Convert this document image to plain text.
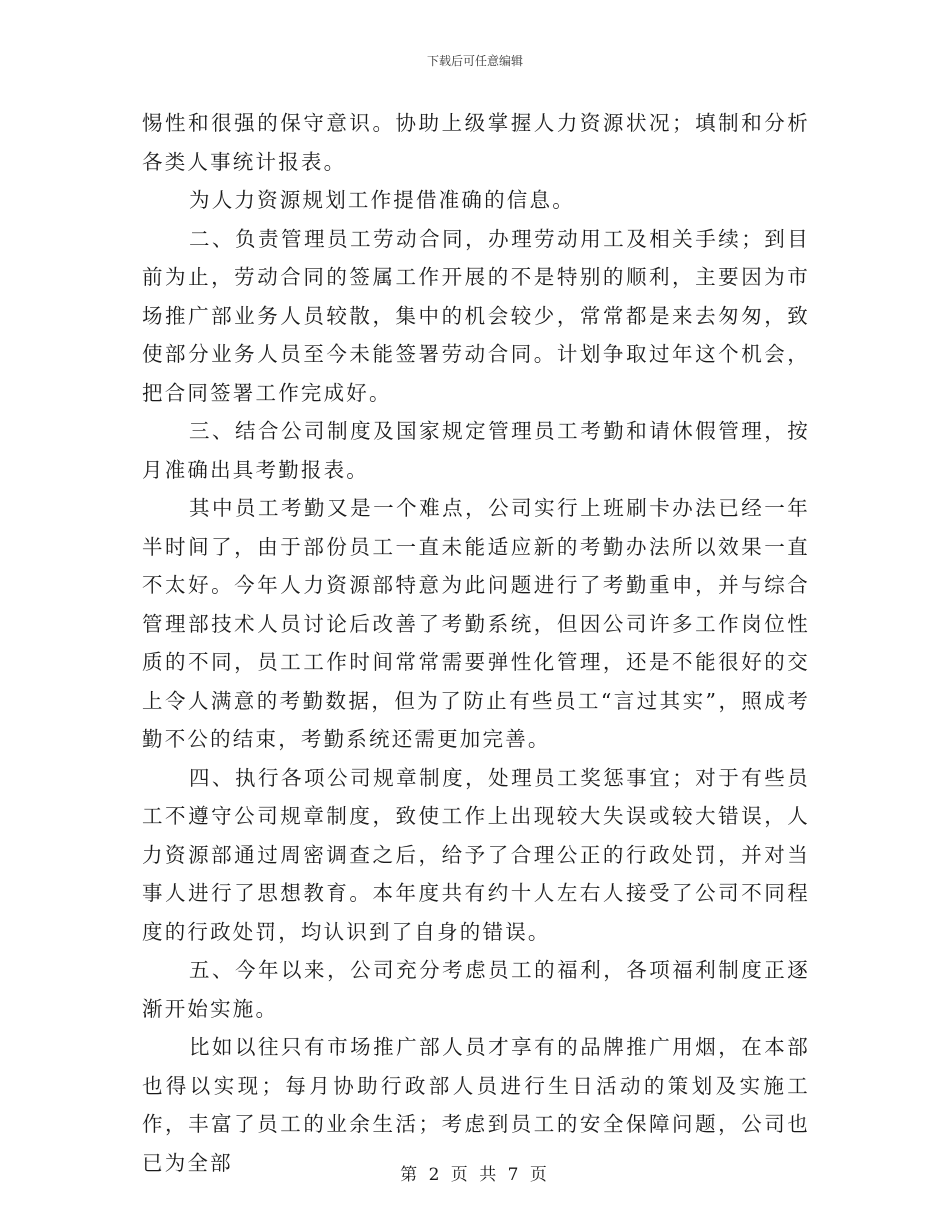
下载后可任意编辑

惕性和很强的保守意识。协助上级掌握人力资源状况；填制和分析各类人事统计报表。

为人力资源规划工作提借准确的信息。

二、负责管理员工劳动合同，办理劳动用工及相关手续；到目前为止，劳动合同的签属工作开展的不是特别的顺利，主要因为市场推广部业务人员较散，集中的机会较少，常常都是来去匆匆，致使部分业务人员至今未能签署劳动合同。计划争取过年这个机会，把合同签署工作完成好。

三、结合公司制度及国家规定管理员工考勤和请休假管理，按月准确出具考勤报表。

其中员工考勤又是一个难点，公司实行上班刷卡办法已经一年半时间了，由于部份员工一直未能适应新的考勤办法所以效果一直不太好。今年人力资源部特意为此问题进行了考勤重申，并与综合管理部技术人员讨论后改善了考勤系统，但因公司许多工作岗位性质的不同，员工工作时间常常需要弹性化管理，还是不能很好的交上令人满意的考勤数据，但为了防止有些员工“言过其实”，照成考勤不公的结束，考勤系统还需更加完善。

四、执行各项公司规章制度，处理员工奖惩事宜；对于有些员工不遵守公司规章制度，致使工作上出现较大失误或较大错误，人力资源部通过周密调查之后，给予了合理公正的行政处罚，并对当事人进行了思想教育。本年度共有约十人左右人接受了公司不同程度的行政处罚，均认识到了自身的错误。

五、今年以来，公司充分考虑员工的福利，各项福利制度正逐渐开始实施。

比如以往只有市场推广部人员才享有的品牌推广用烟，在本部也得以实现；每月协助行政部人员进行生日活动的策划及实施工作，丰富了员工的业余生活；考虑到员工的安全保障问题，公司也已为全部

第 2 页 共 7 页
